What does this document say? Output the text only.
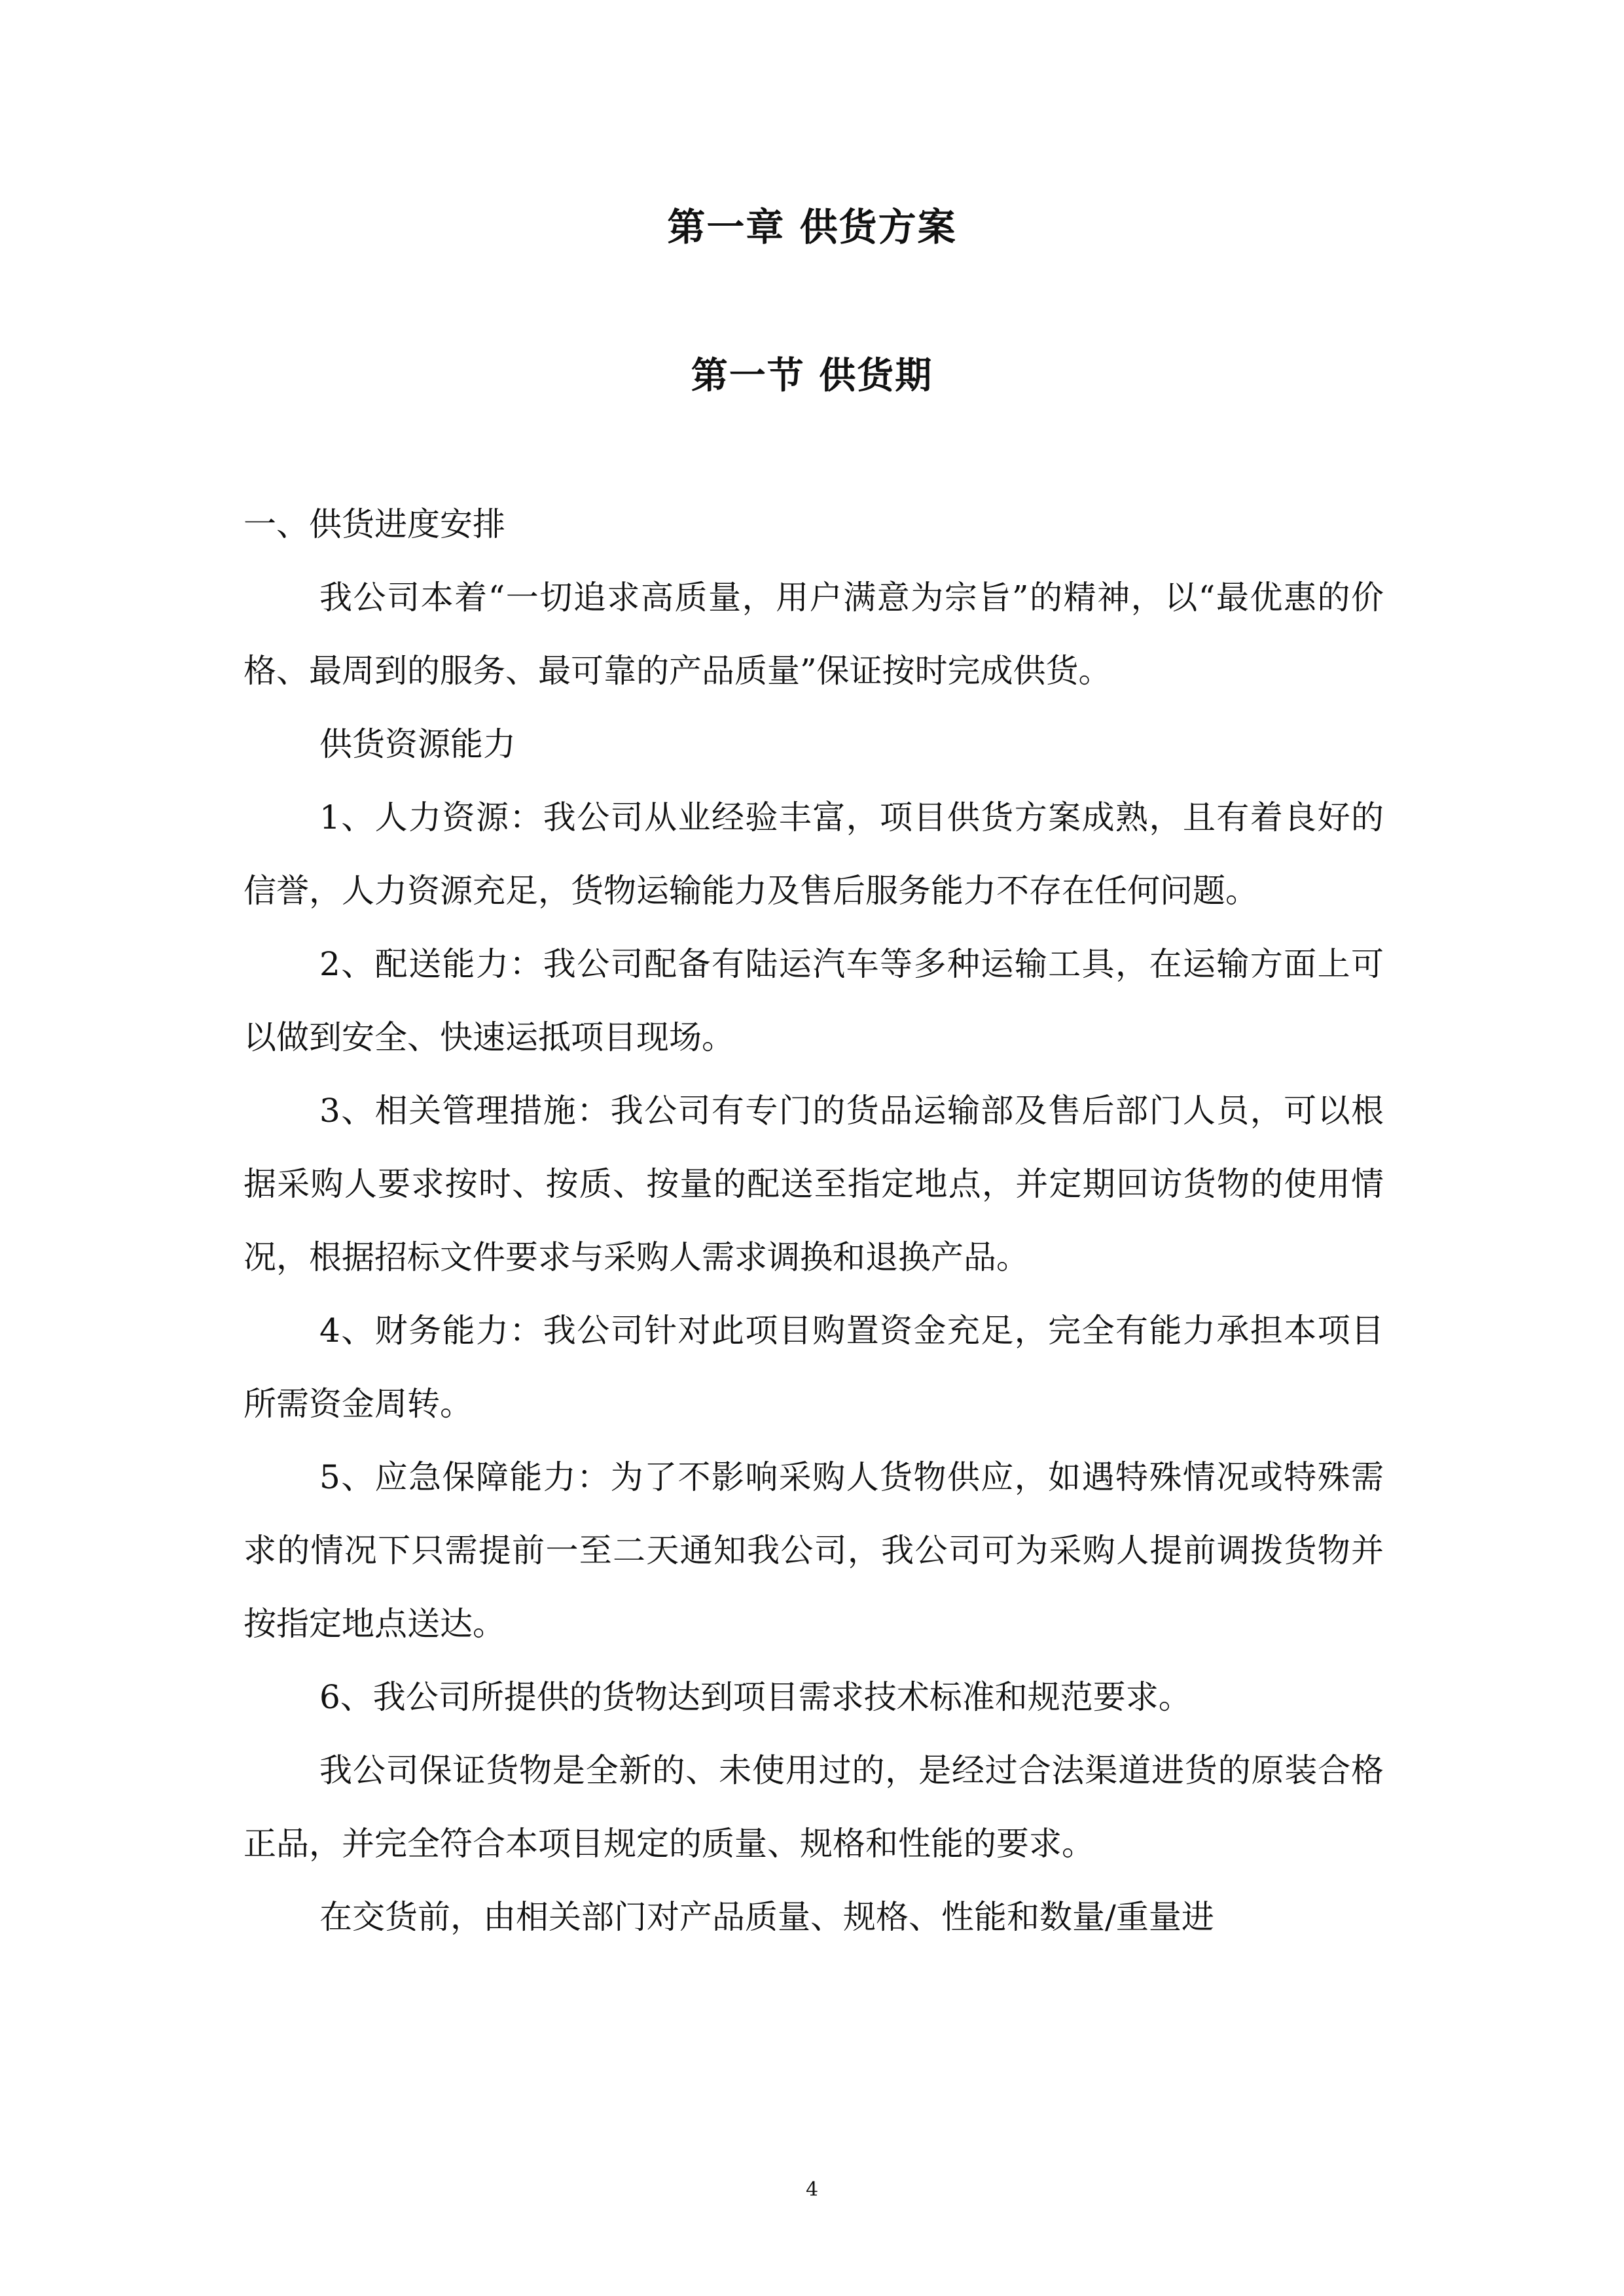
第一章 供货方案
第一节 供货期

一、供货进度安排

我公司本着“一切追求高质量，用户满意为宗旨”的精神，以“最优惠的价格、最周到的服务、最可靠的产品质量”保证按时完成供货。

供货资源能力

1、人力资源：我公司从业经验丰富，项目供货方案成熟，且有着良好的信誉，人力资源充足，货物运输能力及售后服务能力不存在任何问题。

2、配送能力：我公司配备有陆运汽车等多种运输工具，在运输方面上可以做到安全、快速运抵项目现场。

3、相关管理措施：我公司有专门的货品运输部及售后部门人员，可以根据采购人要求按时、按质、按量的配送至指定地点，并定期回访货物的使用情况，根据招标文件要求与采购人需求调换和退换产品。

4、财务能力：我公司针对此项目购置资金充足，完全有能力承担本项目所需资金周转。

5、应急保障能力：为了不影响采购人货物供应，如遇特殊情况或特殊需求的情况下只需提前一至二天通知我公司，我公司可为采购人提前调拨货物并按指定地点送达。

6、我公司所提供的货物达到项目需求技术标准和规范要求。

我公司保证货物是全新的、未使用过的，是经过合法渠道进货的原装合格正品，并完全符合本项目规定的质量、规格和性能的要求。

在交货前，由相关部门对产品质量、规格、性能和数量/重量进

4
